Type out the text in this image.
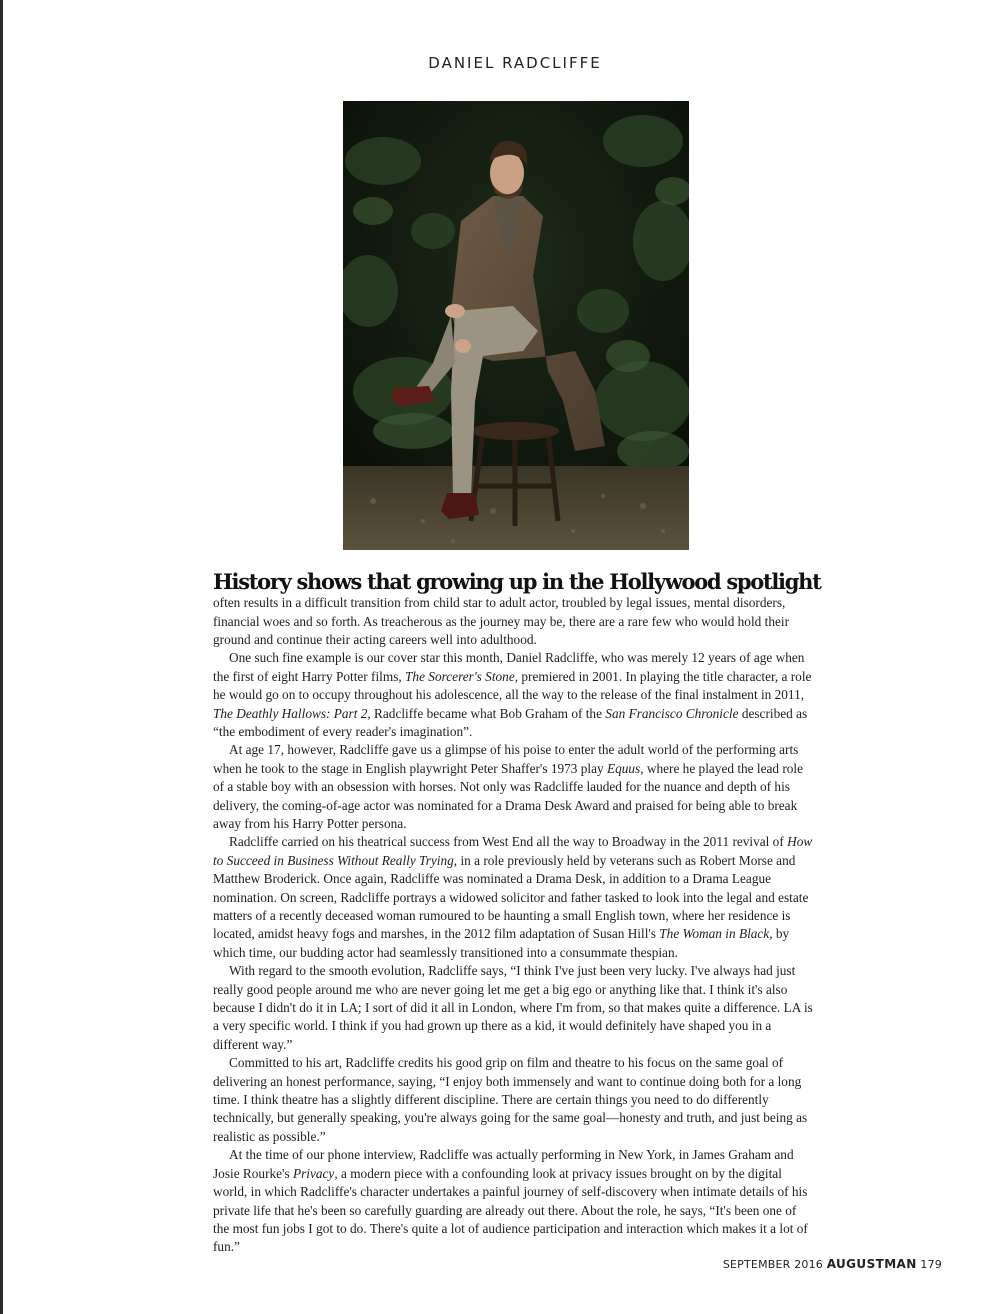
DANIEL RADCLIFFE
History shows that growing up in the Hollywood spotlight

often results in a difficult transition from child star to adult actor, troubled by legal issues, mental disorders, financial woes and so forth. As treacherous as the journey may be, there are a rare few who would hold their ground and continue their acting careers well into adulthood.

One such fine example is our cover star this month, Daniel Radcliffe, who was merely 12 years of age when the first of eight Harry Potter films, The Sorcerer's Stone, premiered in 2001. In playing the title character, a role he would go on to occupy throughout his adolescence, all the way to the release of the final instalment in 2011, The Deathly Hallows: Part 2, Radcliffe became what Bob Graham of the San Francisco Chronicle described as “the embodiment of every reader's imagination”.

At age 17, however, Radcliffe gave us a glimpse of his poise to enter the adult world of the performing arts when he took to the stage in English playwright Peter Shaffer's 1973 play Equus, where he played the lead role of a stable boy with an obsession with horses. Not only was Radcliffe lauded for the nuance and depth of his delivery, the coming-of-age actor was nominated for a Drama Desk Award and praised for being able to break away from his Harry Potter persona.

Radcliffe carried on his theatrical success from West End all the way to Broadway in the 2011 revival of How to Succeed in Business Without Really Trying, in a role previously held by veterans such as Robert Morse and Matthew Broderick. Once again, Radcliffe was nominated a Drama Desk, in addition to a Drama League nomination. On screen, Radcliffe portrays a widowed solicitor and father tasked to look into the legal and estate matters of a recently deceased woman rumoured to be haunting a small English town, where her residence is located, amidst heavy fogs and marshes, in the 2012 film adaptation of Susan Hill's The Woman in Black, by which time, our budding actor had seamlessly transitioned into a consummate thespian.

With regard to the smooth evolution, Radcliffe says, “I think I've just been very lucky. I've always had just really good people around me who are never going let me get a big ego or anything like that. I think it's also because I didn't do it in LA; I sort of did it all in London, where I'm from, so that makes quite a difference. LA is a very specific world. I think if you had grown up there as a kid, it would definitely have shaped you in a different way.”

Committed to his art, Radcliffe credits his good grip on film and theatre to his focus on the same goal of delivering an honest performance, saying, “I enjoy both immensely and want to continue doing both for a long time. I think theatre has a slightly different discipline. There are certain things you need to do differently technically, but generally speaking, you're always going for the same goal—honesty and truth, and just being as realistic as possible.”

At the time of our phone interview, Radcliffe was actually performing in New York, in James Graham and Josie Rourke's Privacy, a modern piece with a confounding look at privacy issues brought on by the digital world, in which Radcliffe's character undertakes a painful journey of self-discovery when intimate details of his private life that he's been so carefully guarding are already out there. About the role, he says, “It's been one of the most fun jobs I got to do. There's quite a lot of audience participation and interaction which makes it a lot of fun.”

SEPTEMBER 2016 AUGUSTMAN 179
